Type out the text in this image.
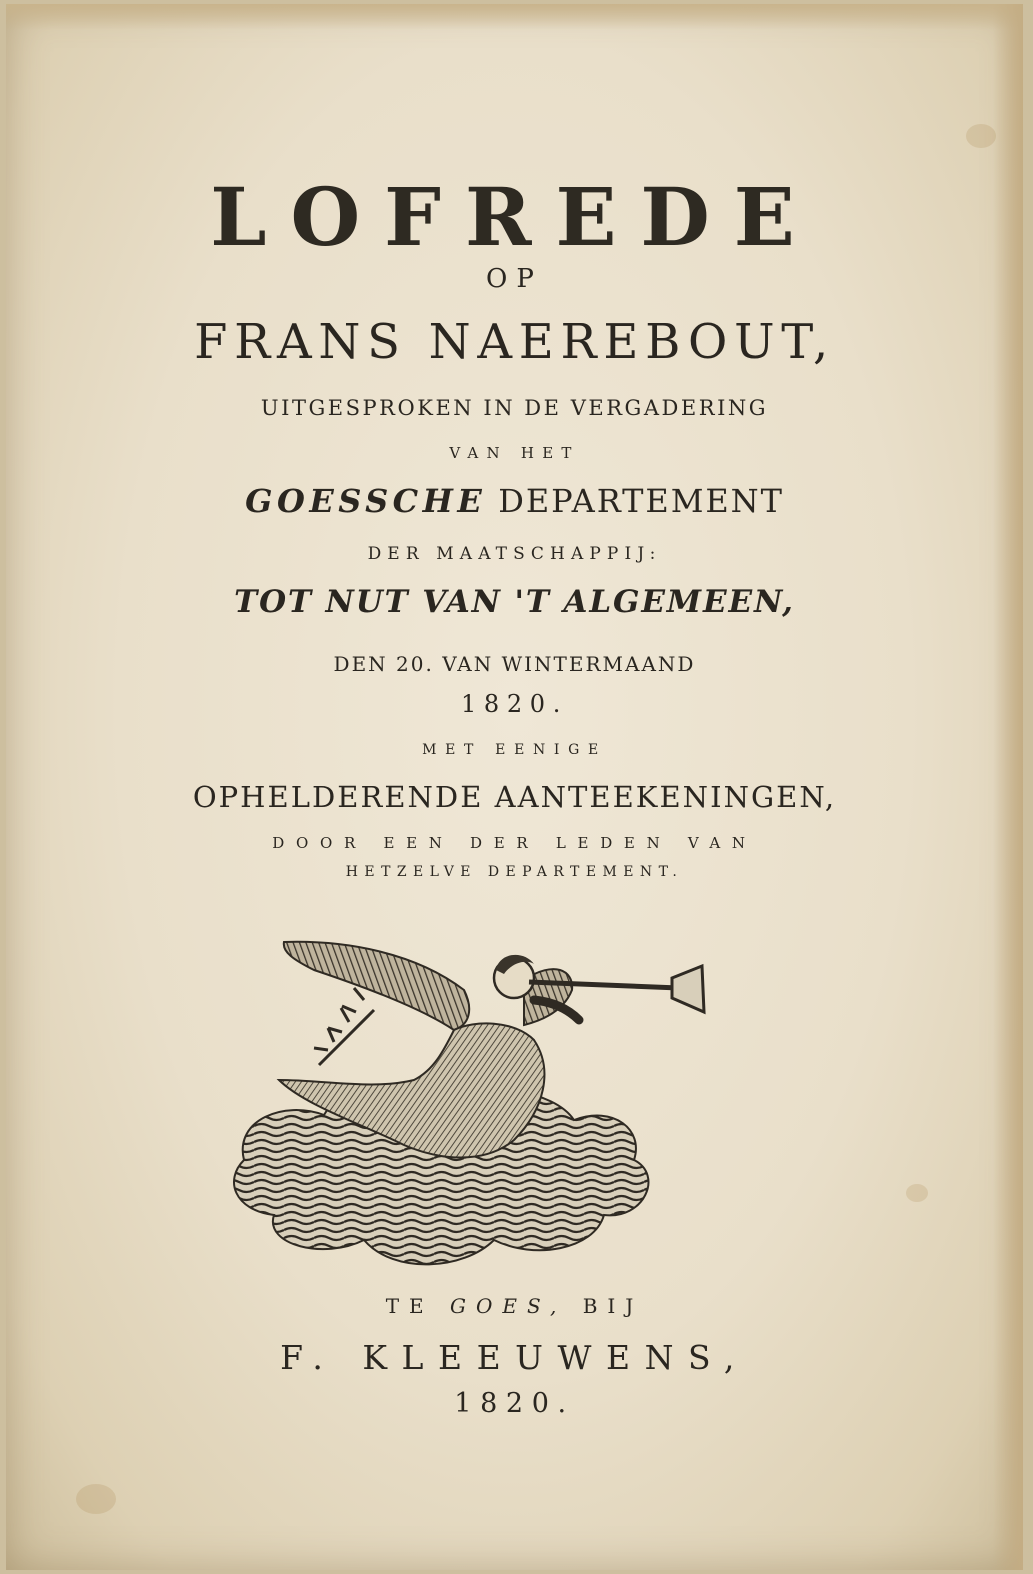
LOFREDE
OP
FRANS NAEREBOUT,
UITGESPROKEN IN DE VERGADERING
VAN HET
GOESSCHE DEPARTEMENT
DER MAATSCHAPPIJ:
TOT NUT VAN 'T ALGEMEEN,
DEN 20. VAN WINTERMAAND
1820.
MET EENIGE
OPHELDERENDE AANTEEKENINGEN,
DOOR EEN DER LEDEN VAN
HETZELVE DEPARTEMENT.
TE GOES, BIJ
F. KLEEUWENS,
1820.
